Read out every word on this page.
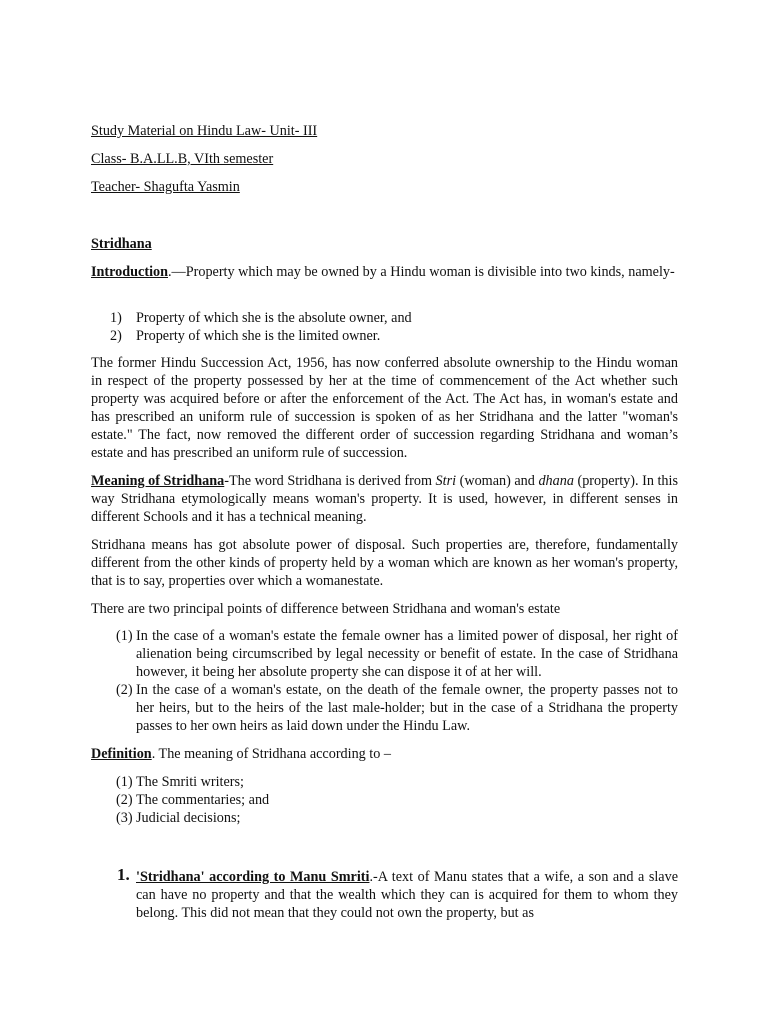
Study Material on Hindu Law- Unit- III
Class- B.A.LL.B, VIth semester
Teacher- Shagufta Yasmin
Stridhana
Introduction.—Property which may be owned by a Hindu woman is divisible into two kinds, namely-
1) Property of which she is the absolute owner, and
2) Property of which she is the limited owner.

The former Hindu Succession Act, 1956, has now conferred absolute ownership to the Hindu woman in respect of the property possessed by her at the time of commencement of the Act whether such property was acquired before or after the enforcement of the Act. The Act has, in woman's estate and has prescribed an uniform rule of succession is spoken of as her Stridhana and the latter "woman's estate." The fact, now removed the different order of succession regarding Stridhana and woman’s estate and has prescribed an uniform rule of succession.

Meaning of Stridhana-The word Stridhana is derived from Stri (woman) and dhana (property). In this way Stridhana etymologically means woman's property. It is used, however, in different senses in different Schools and it has a technical meaning.

Stridhana means has got absolute power of disposal. Such properties are, therefore, fundamentally different from the other kinds of property held by a woman which are known as her woman's property, that is to say, properties over which a womanestate.

There are two principal points of difference between Stridhana and woman's estate

(1) In the case of a woman's estate the female owner has a limited power of disposal, her right of alienation being circumscribed by legal necessity or benefit of estate. In the case of Stridhana however, it being her absolute property she can dispose it of at her will.
(2) In the case of a woman's estate, on the death of the female owner, the property passes not to her heirs, but to the heirs of the last male-holder; but in the case of a Stridhana the property passes to her own heirs as laid down under the Hindu Law.
Definition. The meaning of Stridhana according to –
(1) The Smriti writers;
(2) The commentaries; and
(3) Judicial decisions;
1. 'Stridhana' according to Manu Smriti.-A text of Manu states that a wife, a son and a slave can have no property and that the wealth which they can is acquired for them to whom they belong. This did not mean that they could not own the property, but as
